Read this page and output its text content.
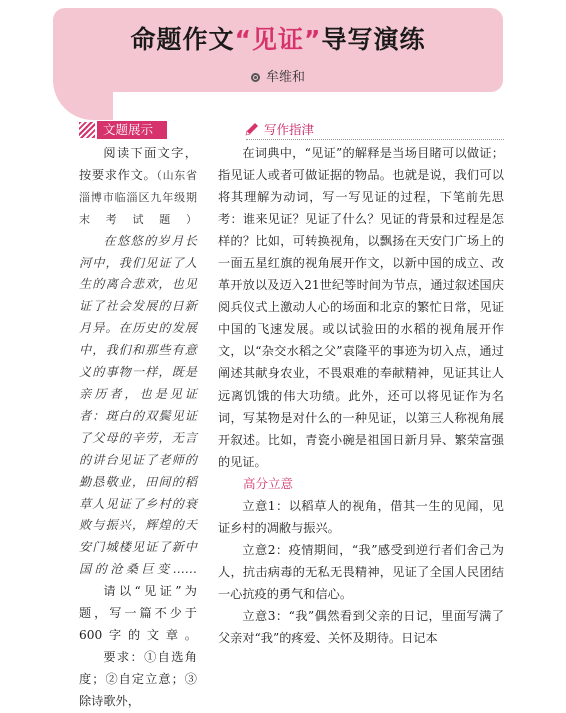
命题作文“见证”导写演练
牟维和
文题展示	写作指津

阅读下面文字，按要求作文。（山东省淄博市临淄区九年级期末考试题）

在悠悠的岁月长河中，我们见证了人生的离合悲欢，也见证了社会发展的日新月异。在历史的发展中，我们和那些有意义的事物一样，既是亲历者，也是见证者：斑白的双鬓见证了父母的辛劳，无言的讲台见证了老师的勤恳敬业，田间的稻草人见证了乡村的衰败与振兴，辉煌的天安门城楼见证了新中国的沧桑巨变……

请以“见证”为题，写一篇不少于600字的文章。

要求：①自选角度；②自定立意；③除诗歌外，

在词典中，“见证”的解释是当场目睹可以做证；指见证人或者可做证据的物品。也就是说，我们可以将其理解为动词，写一写见证的过程，下笔前先思考：谁来见证？见证了什么？见证的背景和过程是怎样的？比如，可转换视角，以飘扬在天安门广场上的一面五星红旗的视角展开作文，以新中国的成立、改革开放以及迈入21世纪等时间为节点，通过叙述国庆阅兵仪式上激动人心的场面和北京的繁忙日常，见证中国的飞速发展。或以试验田的水稻的视角展开作文，以“杂交水稻之父”袁隆平的事迹为切入点，通过阐述其献身农业，不畏艰难的奉献精神，见证其让人远离饥饿的伟大功绩。此外，还可以将见证作为名词，写某物是对什么的一种见证，以第三人称视角展开叙述。比如，青瓷小碗是祖国日新月异、繁荣富强的见证。

高分立意

立意1：以稻草人的视角，借其一生的见闻，见证乡村的凋敝与振兴。

立意2：疫情期间，“我”感受到逆行者们舍己为人，抗击病毒的无私无畏精神，见证了全国人民团结一心抗疫的勇气和信心。

立意3：“我”偶然看到父亲的日记，里面写满了父亲对“我”的疼爱、关怀及期待。日记本
